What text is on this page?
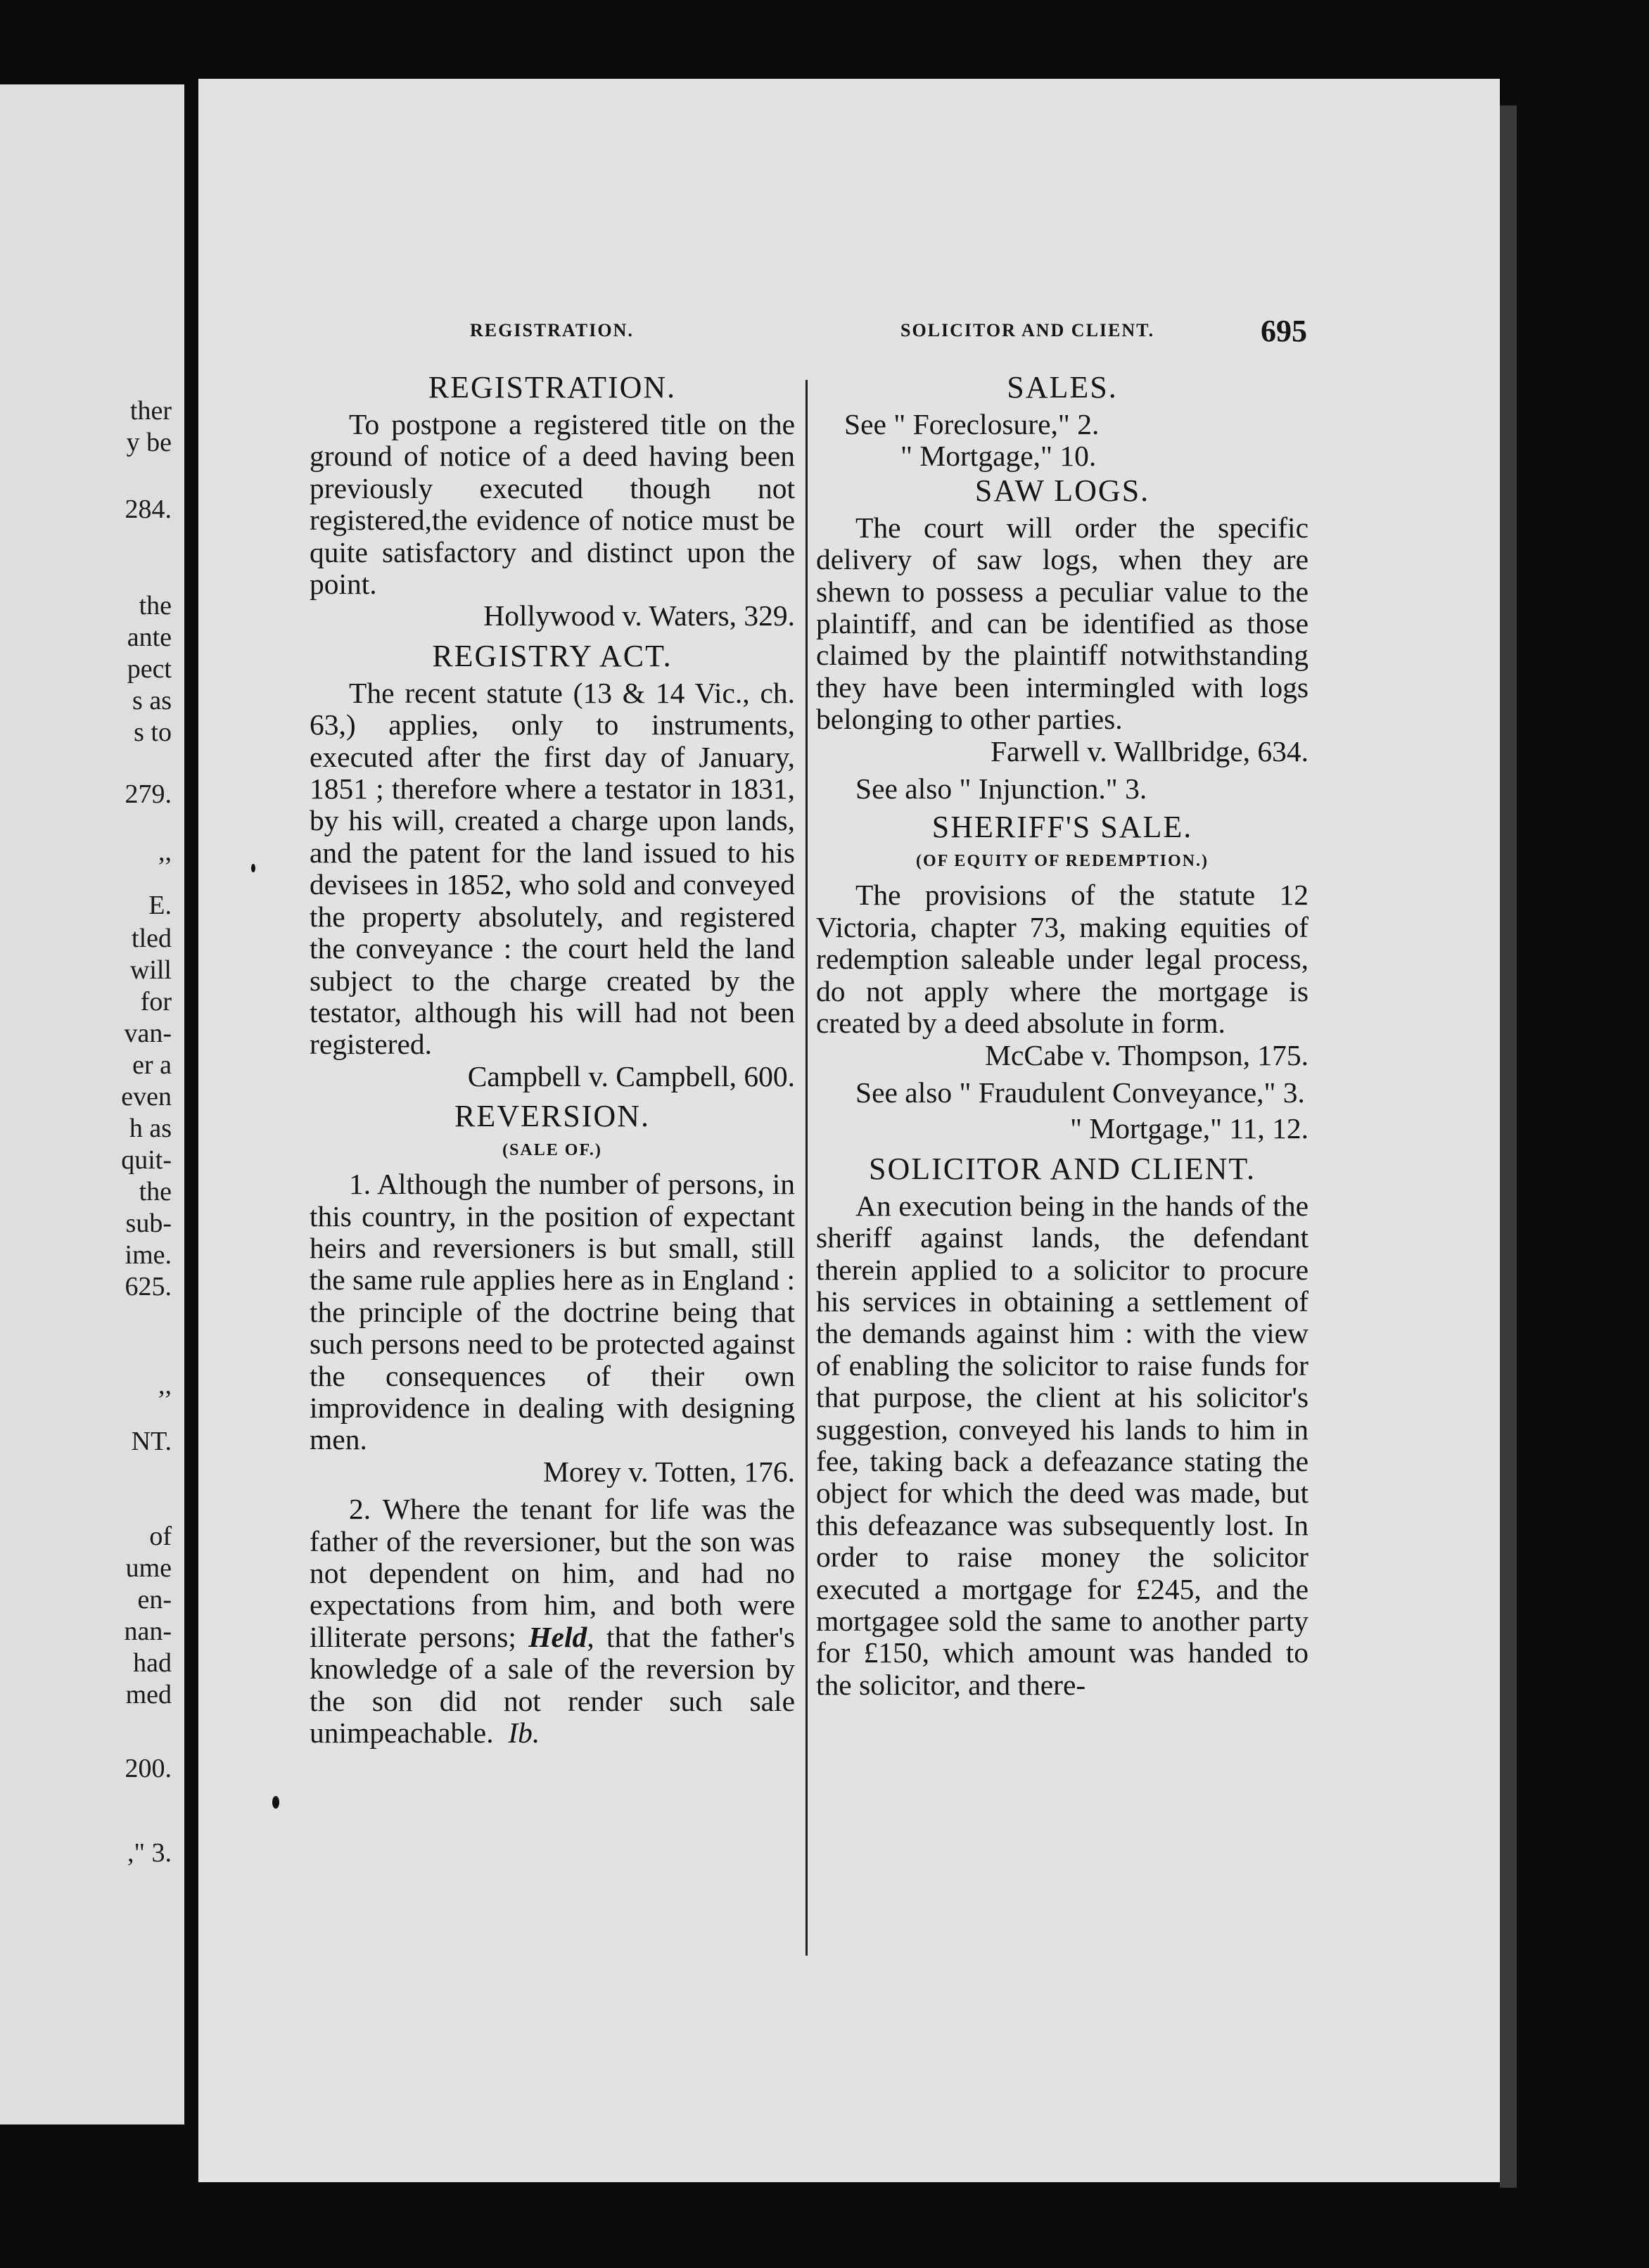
ther
y be
284.
the
ante
pect
s as
s to
279.
,,
E.
tled
will
for
van-
er a
even
h as
quit-
the
sub-
ime.
625.
,,
NT.
of
ume
en-
nan-
had
med
200.
," 3.
REGISTRATION.	SOLICITOR AND CLIENT.	695
REGISTRATION.

To postpone a registered title on the ground of notice of a deed having been previously executed though not registered,the evidence of notice must be quite satisfactory and distinct upon the point.

Hollywood v. Waters, 329.
REGISTRY ACT.

The recent statute (13 & 14 Vic., ch. 63,) applies, only to instruments, executed after the first day of January, 1851 ; therefore where a testator in 1831, by his will, created a charge upon lands, and the patent for the land issued to his devisees in 1852, who sold and conveyed the property absolutely, and registered the conveyance : the court held the land subject to the charge created by the testator, although his will had not been registered.

Campbell v. Campbell, 600.
REVERSION.
(SALE OF.)

1. Although the number of persons, in this country, in the position of expectant heirs and reversioners is but small, still the same rule applies here as in England : the principle of the doctrine being that such persons need to be protected against the consequences of their own improvidence in dealing with designing men.

Morey v. Totten, 176.

2. Where the tenant for life was the father of the reversioner, but the son was not dependent on him, and had no expectations from him, and both were illiterate persons; Held, that the father's knowledge of a sale of the reversion by the son did not render such sale unimpeachable. Ib.

SALES.
See " Foreclosure," 2.
" Mortgage," 10.
SAW LOGS.

The court will order the specific delivery of saw logs, when they are shewn to possess a peculiar value to the plaintiff, and can be identified as those claimed by the plaintiff notwithstanding they have been intermingled with logs belonging to other parties.

Farwell v. Wallbridge, 634.
See also " Injunction." 3.
SHERIFF'S SALE.
(OF EQUITY OF REDEMPTION.)

The provisions of the statute 12 Victoria, chapter 73, making equities of redemption saleable under legal process, do not apply where the mortgage is created by a deed absolute in form.

McCabe v. Thompson, 175.

See also " Fraudulent Conveyance," 3.

" Mortgage," 11, 12.
SOLICITOR AND CLIENT.

An execution being in the hands of the sheriff against lands, the defendant therein applied to a solicitor to procure his services in obtaining a settlement of the demands against him : with the view of enabling the solicitor to raise funds for that purpose, the client at his solicitor's suggestion, conveyed his lands to him in fee, taking back a defeazance stating the object for which the deed was made, but this defeazance was subsequently lost. In order to raise money the solicitor executed a mortgage for £245, and the mortgagee sold the same to another party for £150, which amount was handed to the solicitor, and there-
